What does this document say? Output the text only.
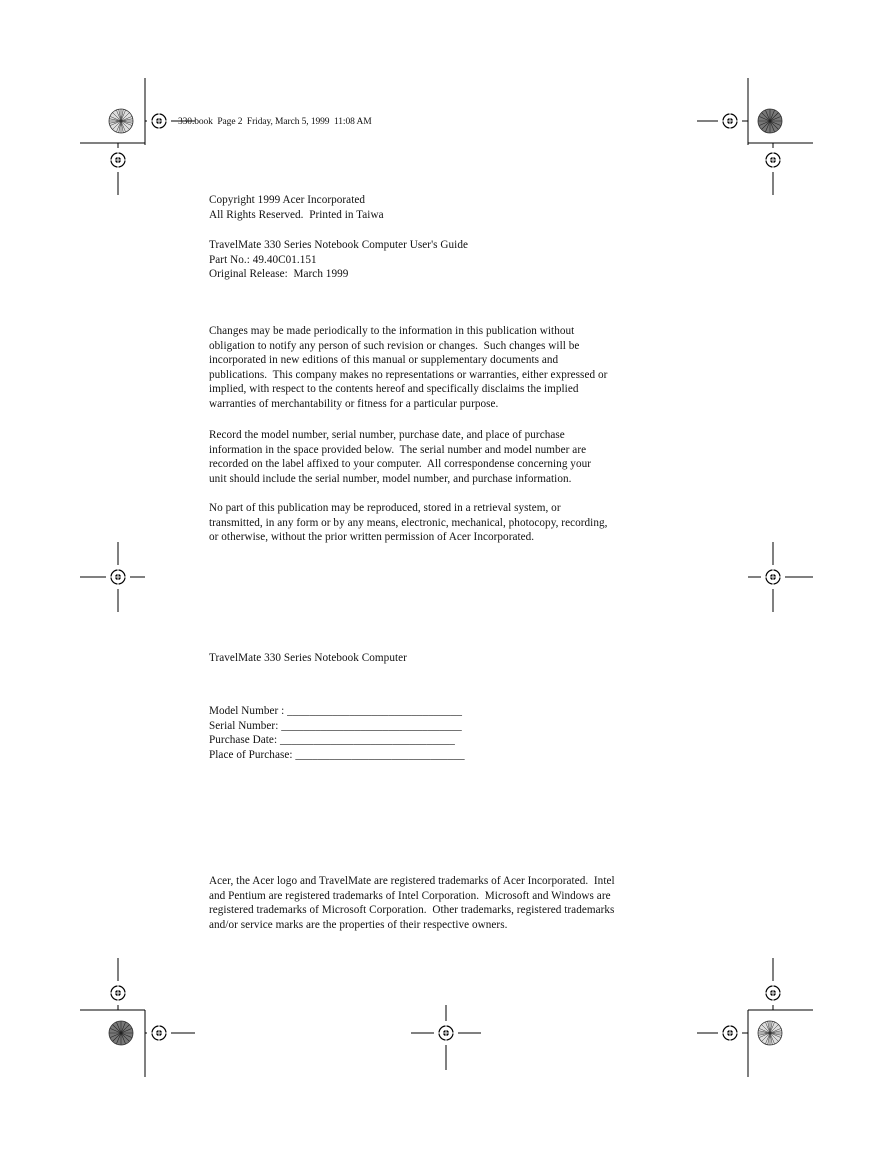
330.book  Page 2  Friday, March 5, 1999  11:08 AM
Copyright 1999 Acer Incorporated
All Rights Reserved.  Printed in Taiwa
TravelMate 330 Series Notebook Computer User's Guide
Part No.: 49.40C01.151
Original Release:  March 1999
Changes may be made periodically to the information in this publication without
obligation to notify any person of such revision or changes.  Such changes will be
incorporated in new editions of this manual or supplementary documents and
publications.  This company makes no representations or warranties, either expressed or
implied, with respect to the contents hereof and specifically disclaims the implied
warranties of merchantability or fitness for a particular purpose.
Record the model number, serial number, purchase date, and place of purchase
information in the space provided below.  The serial number and model number are
recorded on the label affixed to your computer.  All correspondense concerning your
unit should include the serial number, model number, and purchase information.
No part of this publication may be reproduced, stored in a retrieval system, or
transmitted, in any form or by any means, electronic, mechanical, photocopy, recording,
or otherwise, without the prior written permission of Acer Incorporated.
TravelMate 330 Series Notebook Computer
Model Number : _______________________________
Serial Number: ________________________________
Purchase Date: _______________________________
Place of Purchase: ______________________________
Acer, the Acer logo and TravelMate are registered trademarks of Acer Incorporated.  Intel
and Pentium are registered trademarks of Intel Corporation.  Microsoft and Windows are
registered trademarks of Microsoft Corporation.  Other trademarks, registered trademarks
and/or service marks are the properties of their respective owners.
